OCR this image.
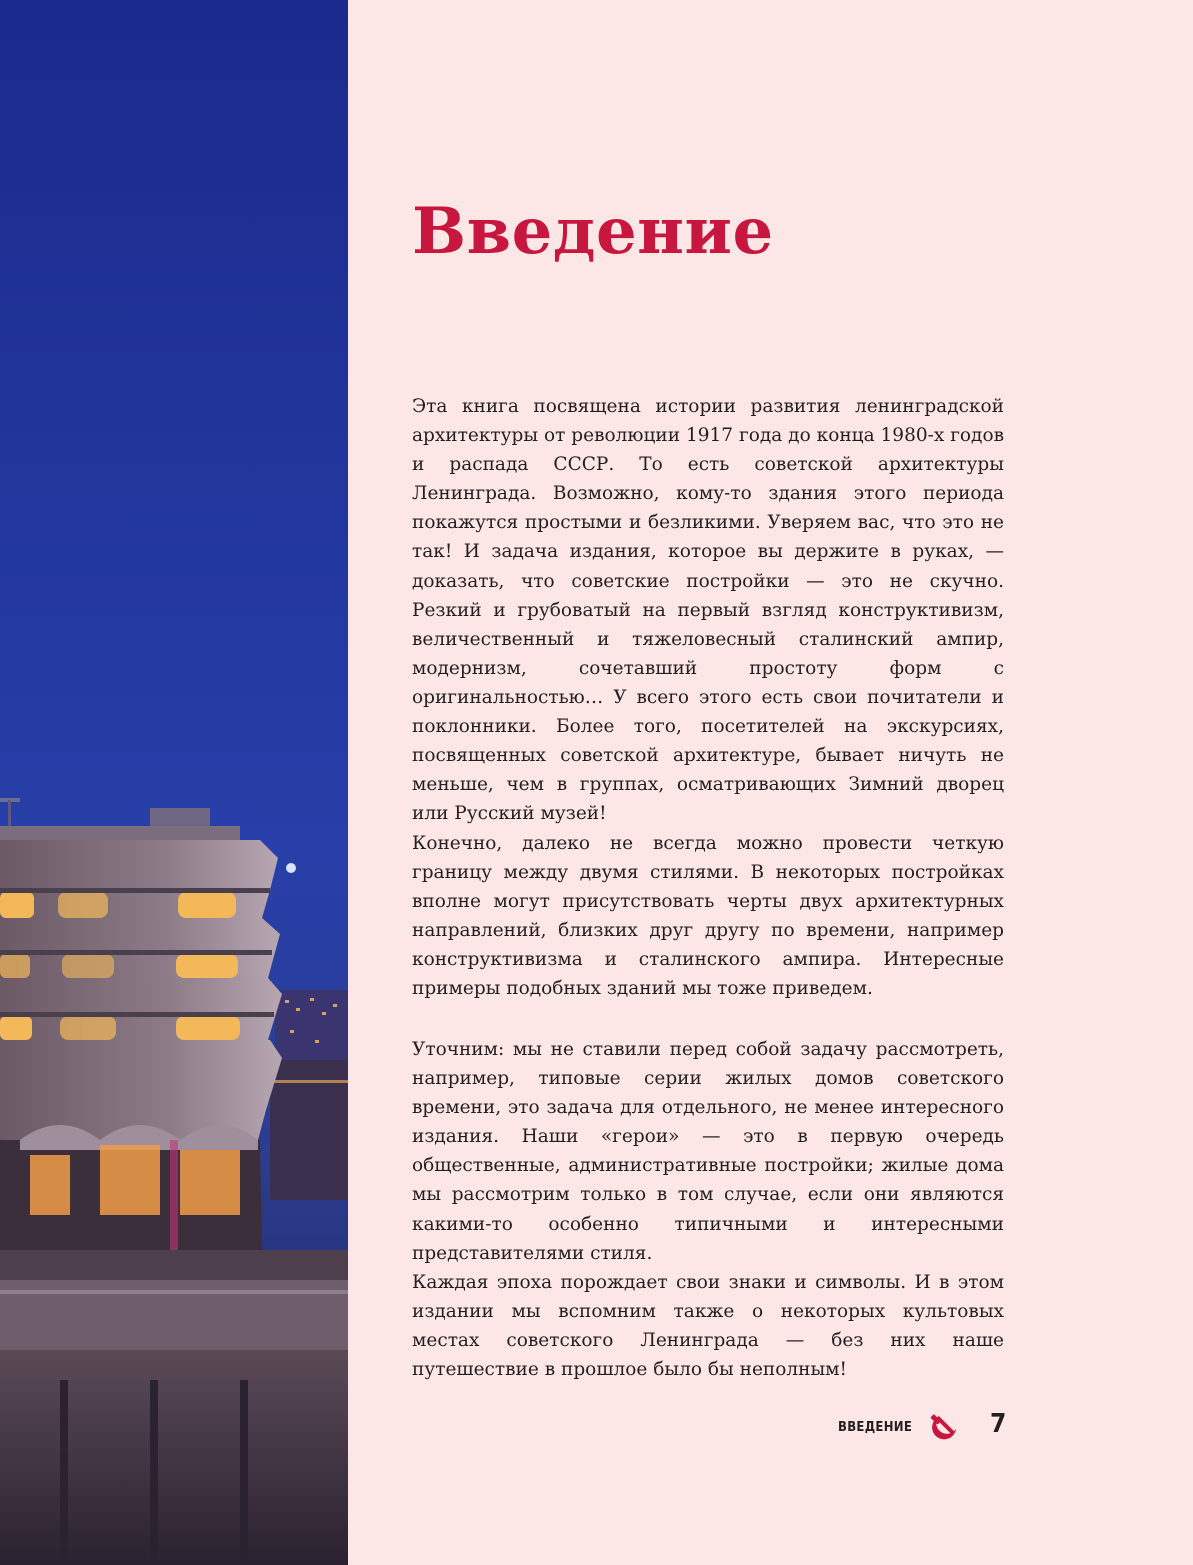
Введение

Эта книга посвящена истории развития ленинградской архитектуры от революции 1917 года до конца 1980-х годов и распада СССР. То есть советской архитектуры Ленинграда. Возможно, кому-то здания этого периода покажутся простыми и безликими. Уверяем вас, что это не так! И задача издания, которое вы держите в руках, — доказать, что советские постройки — это не скучно. Резкий и грубоватый на первый взгляд конструктивизм, величественный и тяжеловесный сталинский ампир, модернизм, сочетавший простоту форм с оригинальностью… У всего этого есть свои почитатели и поклонники. Более того, посетителей на экскурсиях, посвященных советской архитектуре, бывает ничуть не меньше, чем в группах, осматривающих Зимний дворец или Русский музей!

Конечно, далеко не всегда можно провести четкую границу между двумя стилями. В некоторых постройках вполне могут присутствовать черты двух архитектурных направлений, близких друг другу по времени, например конструктивизма и сталинского ампира. Интересные примеры подобных зданий мы тоже приведем.

Уточним: мы не ставили перед собой задачу рассмотреть, например, типовые серии жилых домов советского времени, это задача для отдельного, не менее интересного издания. Наши «герои» — это в первую очередь общественные, административные постройки; жилые дома мы рассмотрим только в том случае, если они являются какими-то особенно типичными и интересными представителями стиля.

Каждая эпоха порождает свои знаки и символы. И в этом издании мы вспомним также о некоторых культовых местах советского Ленинграда — без них наше путешествие в прошлое было бы неполным!

ВВЕДЕНИЕ	7
